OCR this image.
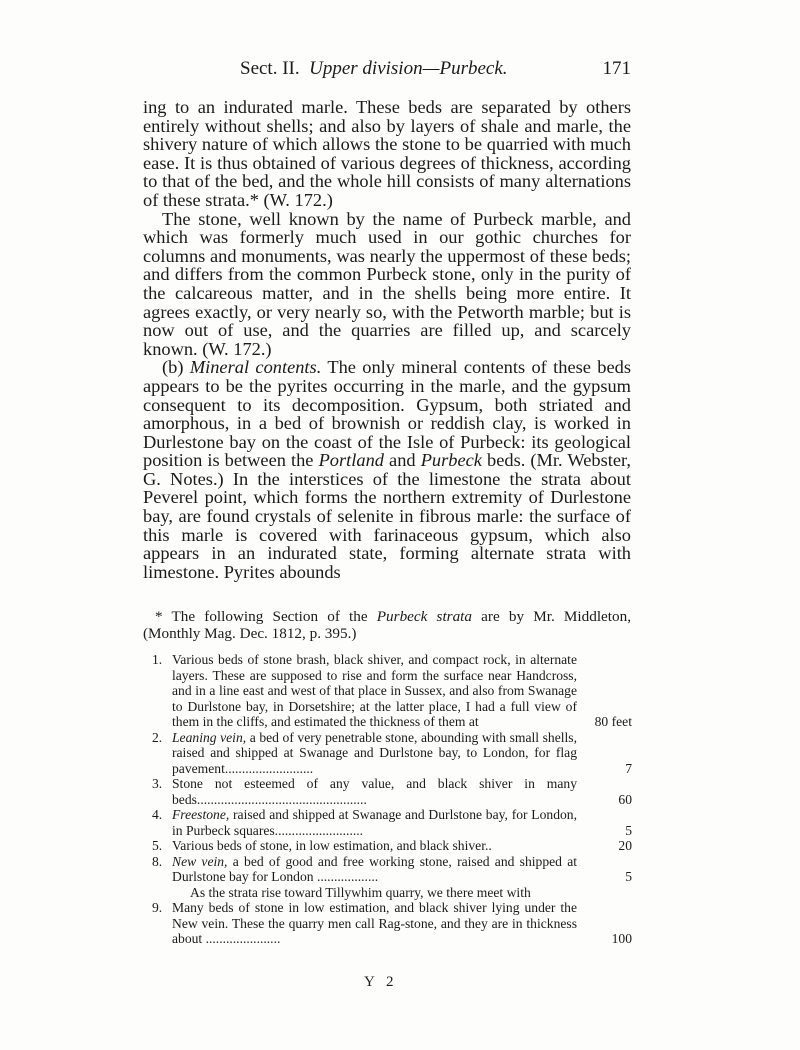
Sect. II. Upper division—Purbeck.	171

ing to an indurated marle. These beds are separated by others entirely without shells; and also by layers of shale and marle, the shivery nature of which allows the stone to be quarried with much ease. It is thus obtained of various degrees of thickness, according to that of the bed, and the whole hill consists of many alternations of these strata.* (W. 172.)

The stone, well known by the name of Purbeck marble, and which was formerly much used in our gothic churches for columns and monuments, was nearly the uppermost of these beds; and differs from the common Purbeck stone, only in the purity of the calcareous matter, and in the shells being more entire. It agrees exactly, or very nearly so, with the Petworth marble; but is now out of use, and the quarries are filled up, and scarcely known. (W. 172.)

(b) Mineral contents. The only mineral contents of these beds appears to be the pyrites occurring in the marle, and the gypsum consequent to its decomposition. Gypsum, both striated and amorphous, in a bed of brownish or reddish clay, is worked in Durlestone bay on the coast of the Isle of Purbeck: its geological position is between the Portland and Purbeck beds. (Mr. Webster, G. Notes.) In the interstices of the limestone the strata about Peverel point, which forms the northern extremity of Durlestone bay, are found crystals of selenite in fibrous marle: the surface of this marle is covered with farinaceous gypsum, which also appears in an indurated state, forming alternate strata with limestone. Pyrites abounds

* The following Section of the Purbeck strata are by Mr. Middleton, (Monthly Mag. Dec. 1812, p. 395.)

1. Various beds of stone brash, black shiver, and compact rock, in alternate layers. These are supposed to rise and form the surface near Handcross, and in a line east and west of that place in Sussex, and also from Swanage to Durlstone bay, in Dorsetshire; at the latter place, I had a full view of them in the cliffs, and estimated the thickness of them at	80 feet
2. Leaning vein, a bed of very penetrable stone, abounding with small shells, raised and shipped at Swanage and Durlstone bay, to London, for flag pavement..........................	7
3. Stone not esteemed of any value, and black shiver in many beds..................................................	60
4. Freestone, raised and shipped at Swanage and Durlstone bay, for London, in Purbeck squares..........................	5
5. Various beds of stone, in low estimation, and black shiver..	20
8. New vein, a bed of good and free working stone, raised and shipped at Durlstone bay for London ..................	5
As the strata rise toward Tillywhim quarry, we there meet with
9. Many beds of stone in low estimation, and black shiver lying under the New vein. These the quarry men call Rag-stone, and they are in thickness about ......................	100
Y 2
